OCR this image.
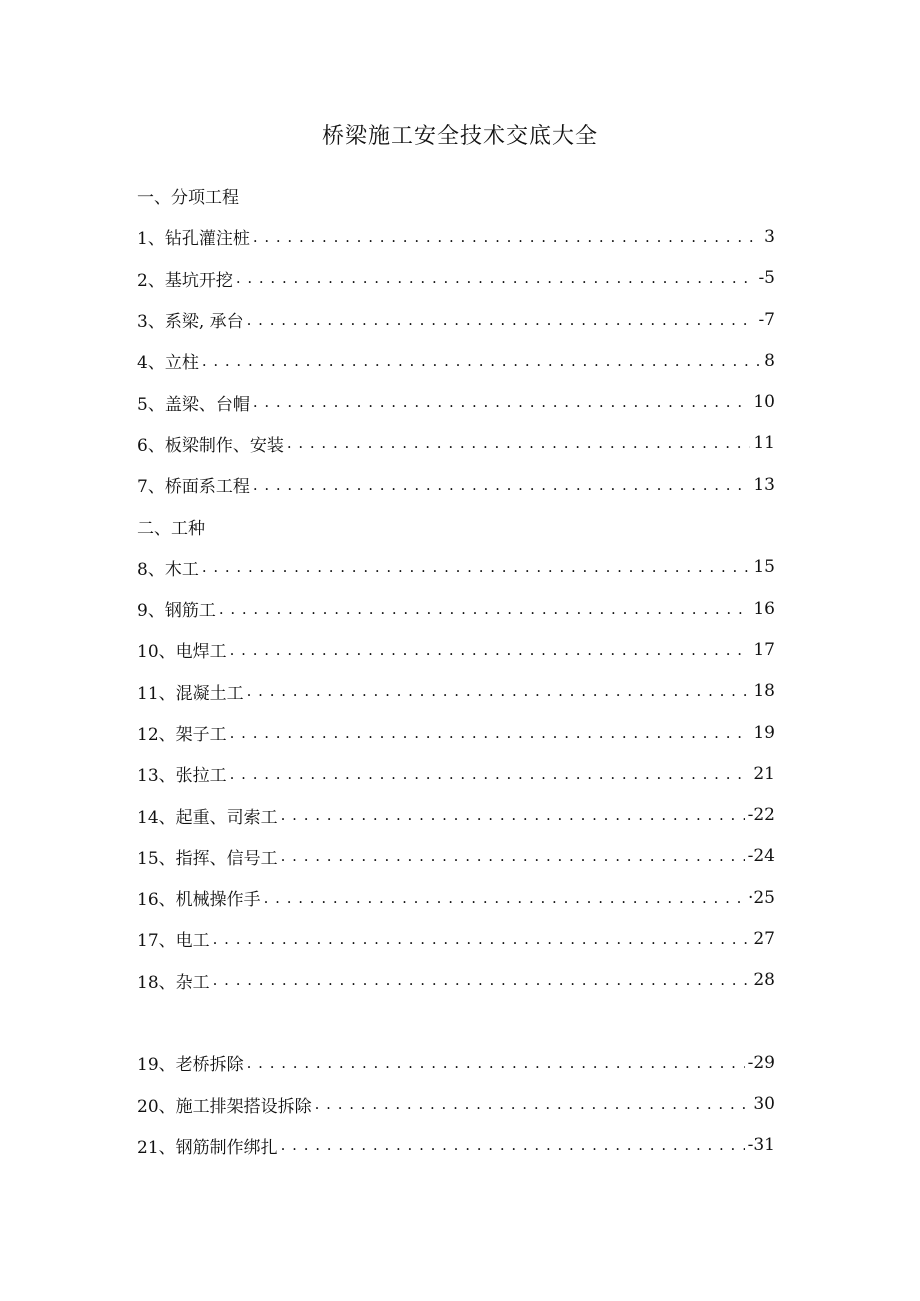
桥梁施工安全技术交底大全
一、分项工程
1、 钻孔灌注桩 . . .	3
2、 基坑开挖 . . .	-5
3、 系梁, 承台 . . .	-7
4、 立柱 . . .	8
5、 盖梁、台帽 . . .	10
6、 板梁制作、安装 . . .	11
7、 桥面系工程 . . .	13
二、工种
8、 木工 . . .	15
9、 钢筋工 . . .	16
10、 电焊工 . . .	17
11、 混凝土工 . . .	18
12、 架子工 . . .	19
13、 张拉工 . . .	21
14、 起重、司索工 . . .	-22
15、 指挥、信号工 . . .	-24
16、 机械操作手 . . .	·25
17、 电工 . . .	27
18、 杂工 . . .	28
19、 老桥拆除 . . .	-29
20、 施工排架搭设拆除 . . .	30
21、 钢筋制作绑扎 . . .	-31
